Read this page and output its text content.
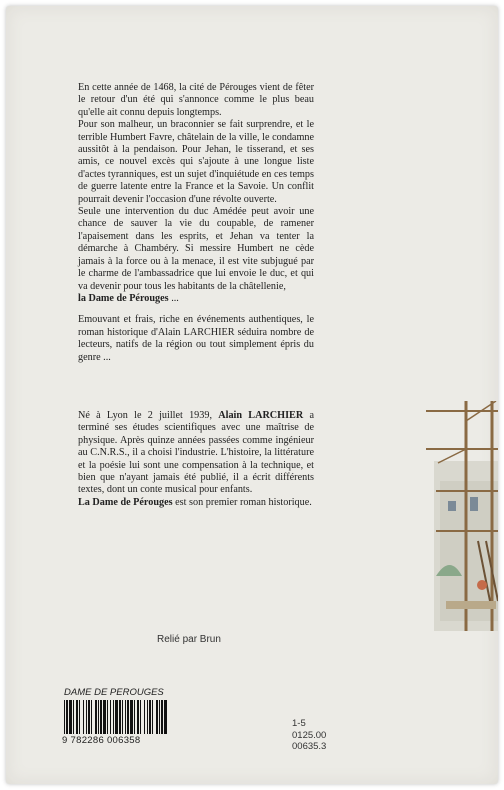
En cette année de 1468, la cité de Pérouges vient de fêter le retour d'un été qui s'annonce comme le plus beau qu'elle ait connu depuis longtemps.

Pour son malheur, un braconnier se fait surprendre, et le terrible Humbert Favre, châtelain de la ville, le condamne aussitôt à la pendaison. Pour Jehan, le tisserand, et ses amis, ce nouvel excès qui s'ajoute à une longue liste d'actes tyranniques, est un sujet d'inquiétude en ces temps de guerre latente entre la France et la Savoie. Un conflit pourrait devenir l'occasion d'une révolte ouverte.

Seule une intervention du duc Amédée peut avoir une chance de sauver la vie du coupable, de ramener l'apaisement dans les esprits, et Jehan va tenter la démarche à Chambéry. Si messire Humbert ne cède jamais à la force ou à la menace, il est vite subjugué par le charme de l'ambassadrice que lui envoie le duc, et qui va devenir pour tous les habitants de la châtellenie,
la Dame de Pérouges ...

Emouvant et frais, riche en événements authentiques, le roman historique d'Alain LARCHIER séduira nombre de lecteurs, natifs de la région ou tout simplement épris du genre ...

Né à Lyon le 2 juillet 1939, Alain LARCHIER a terminé ses études scientifiques avec une maîtrise de physique. Après quinze années passées comme ingénieur au C.N.R.S., il a choisi l'industrie. L'histoire, la littérature et la poésie lui sont une compensation à la technique, et bien que n'ayant jamais été publié, il a écrit différents textes, dont un conte musical pour enfants.

La Dame de Pérouges est son premier roman historique.

Relié par Brun
DAME DE PEROUGES
9 782286 006358
1-5
0125.00
00635.3
